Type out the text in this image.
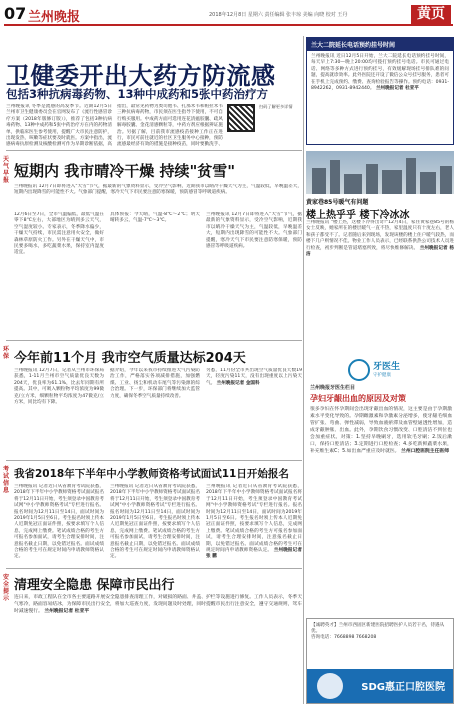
07 兰州晚报	2018年12月8日 星期六 责任编辑 张丰琼 美编 向晓 校对 王丹	黄页
卫健委开出大药方防流感
包括3种抗病毒药物、13种中成药和5张中药治疗方
兰州晚报讯 冬季是流感的高发季节。近期12月5日兰州市卫生健康委员会在官网发布了《流行性感冒诊疗方案（2018年版修订版）》，推荐了包括3种抗病毒药物、13种中成药和5张中药治疗方在内的药物清单，供临床医生参考使用，提醒广大市民注意防护，出现发热、咳嗽等症状要及时就医。方案中指出，流感病毒抗原检测及核酸检测可作为早期诊断依据，高
指出，最常见药物为奥司他韦、扎那米韦和帕拉米韦三种抗病毒药物，市民须在医生指导下使用，不可自行购买服用。中成药方面可选用连花清瘟胶囊、疏风解毒胶囊、金花清感颗粒等，中药方剂应根据辨证施治。另据了解，目前我市流感疫苗接种工作正在进行，市民可前往就近的社区卫生服务中心接种，预防流感最经济有效的措施是接种疫苗，同时要勤洗手、
扫码了解更多详情
兰大二院延长电话预约挂号时间
兰州晚报讯 近日12月5日开始，兰大二院延长电话预约挂号时间，每天早上7:30—晚上20:00均可拨打预约挂号电话。市民可通过电话、网络等多种方式进行预约挂号，有效缓解现场挂号排队难的问题，提高就诊效率。此外医院还开设了微信公众号挂号服务，患者可在手机上完成预约、缴费、查询检验报告等操作。预约电话：0931-8942262，0931-8942440。 兰州晚报记者 杜亚平
天气早报
短期内 我市晴冷干燥 持续"贫雪"
兰州晚报讯 12月7日即将进入"大雪"节气，据最新的气象资料显示，受冷空气影响，近期我市以晴冷干燥天气为主，气温较低，早晚温差大，短期内出现降雪的可能性不大。气象部门提醒，寒冷天气下市民要注意防寒保暖，预防感冒等呼吸道疾病。
12月6日至7日，全市气温偏低，最低气温在零下8℃左右，大部地区为晴到多云天气，空气湿度较小。专家表示，冬季降水偏少，干燥天气持续，市民需注意用火安全，做好森林草原防火工作。另外在干燥天气中，市民要多喝水，多吃蔬菜水果，保持室内湿度适宜。
具体预报：今天晴，气温-8℃～2℃；明天晴转多云，气温-7℃～3℃。
兰州晚报讯 12月7日即将进入"大雪"节气，据最新的气象资料显示，受冷空气影响，近期我市以晴冷干燥天气为主，气温较低，早晚温差大，短期内出现降雪的可能性不大。气象部门提醒，寒冷天气下市民要注意防寒保暖，预防感冒等呼吸道疾病。
黄家巷85号暖气有问题
楼上热乎乎 楼下冷冰冰
兰州晚报讯 "楼上热，这楼下冷得出奇!"12月4日，家住黄家巷85号的杨女士反映，她家所在的楼层暖气一直不热，家里温度只有十度左右，老人和孩子都受不了。记者随后来到现场，发现该楼的楼上住户暖气较热，而楼下几户则情况不佳。物业工作人员表示，已经联系供热公司技术人员进行检查，初步判断是管道堵塞所致，将尽快维修解决。 兰州晚报记者 杨洁
环保 今年前11个月 我市空气质量达标204天
兰州晚报讯 12月7日，记者从兰州市环保局获悉，1-11月兰州市空气质量优良天数为204天，优良率为61.1%，比去年同期有所提高。其中，可吸入颗粒物平均浓度为99微克/立方米，细颗粒物平均浓度为47微克/立方米，同比均有下降。
据介绍，今年以来我市持续推进大气污染防治工作，严格落实各项减排措施，加强燃煤、工业、扬尘和机动车尾气等污染源的综合治理。下一步，环保部门将继续加大监管力度，确保冬季空气质量持续改善。
另悉，11月份全市共出现空气质量优良天数19天，轻度污染11天，没有出现重度以上污染天气。 兰州晚报记者 金国科
牙医生
守护健康
兰州晚报牙医生栏目
孕妇牙龈出血的原因及对策
很多孕妇在怀孕期间会出现牙龈出血的情况，这主要是由于孕期激素水平变化导致的。孕期雌激素和孕激素分泌增多，使牙龈毛细血管扩张、弯曲、弹性减弱，导致血液瘀滞及血管壁通透性增加，造成牙龈肿胀、出血。此外，孕期饮食习惯改变、口腔清洁不到位也会加重症状。对策：1.坚持早晚刷牙，选用软毛牙刷；2.饭后漱口，保持口腔清洁；3.定期进行口腔检查；4.多吃新鲜蔬菜水果，补充维生素C；5.如出血严重应及时就医。 兰州口腔医院主任医师
考试信息
我省2018年下半年中小学教师资格考试面试11日开始报名
兰州晚报讯 记者近日从省教育考试院获悉，2018年下半年中小学教师资格考试面试报名将于12月11日开始，考生须登录中国教育考试网"中小学教师资格考试"专栏进行报名。报名时间为12月11日至14日，面试时间为2019年1月5日至6日。考生报名时须上传本人近期免冠正面证件照，按要求填写个人信息，完成网上缴费。笔试成绩合格的考生方可报名参加面试，请考生合理安排时间，注意报名截止日期，以免错过报名。面试成绩合格的考生可在规定时间内申请教师资格认定。
兰州晚报讯 记者近日从省教育考试院获悉，2018年下半年中小学教师资格考试面试报名将于12月11日开始，考生须登录中国教育考试网"中小学教师资格考试"专栏进行报名。报名时间为12月11日至14日，面试时间为2019年1月5日至6日。考生报名时须上传本人近期免冠正面证件照，按要求填写个人信息，完成网上缴费。笔试成绩合格的考生方可报名参加面试，请考生合理安排时间，注意报名截止日期，以免错过报名。面试成绩合格的考生可在规定时间内申请教师资格认定。
兰州晚报讯 记者近日从省教育考试院获悉，2018年下半年中小学教师资格考试面试报名将于12月11日开始，考生须登录中国教育考试网"中小学教师资格考试"专栏进行报名。报名时间为12月11日至14日，面试时间为2019年1月5日至6日。考生报名时须上传本人近期免冠正面证件照，按要求填写个人信息，完成网上缴费。笔试成绩合格的考生方可报名参加面试，请考生合理安排时间，注意报名截止日期，以免错过报名。面试成绩合格的考生可在规定时间内申请教师资格认定。 兰州晚报记者 张 鹏
安全提示
清理安全隐患 保障市民出行
连日来，市政工程队在全市各主要道路开展安全隐患排查清理工作，对破损的路面、井盖、护栏等设施进行修复。工作人员表示，冬季天气寒冷，路面容易结冰，为保障市民出行安全，将加大巡查力度，发现问题及时处理，同时提醒市民出行注意安全，遵守交通规则，驾车时减速慢行。 兰州晚报记者 杜亚平
【诚聘英才】兰州市西固区新建医院招聘医护人员若干名，待遇从优。
咨询电话：7668898 7668208
SDG惠正口腔医院
